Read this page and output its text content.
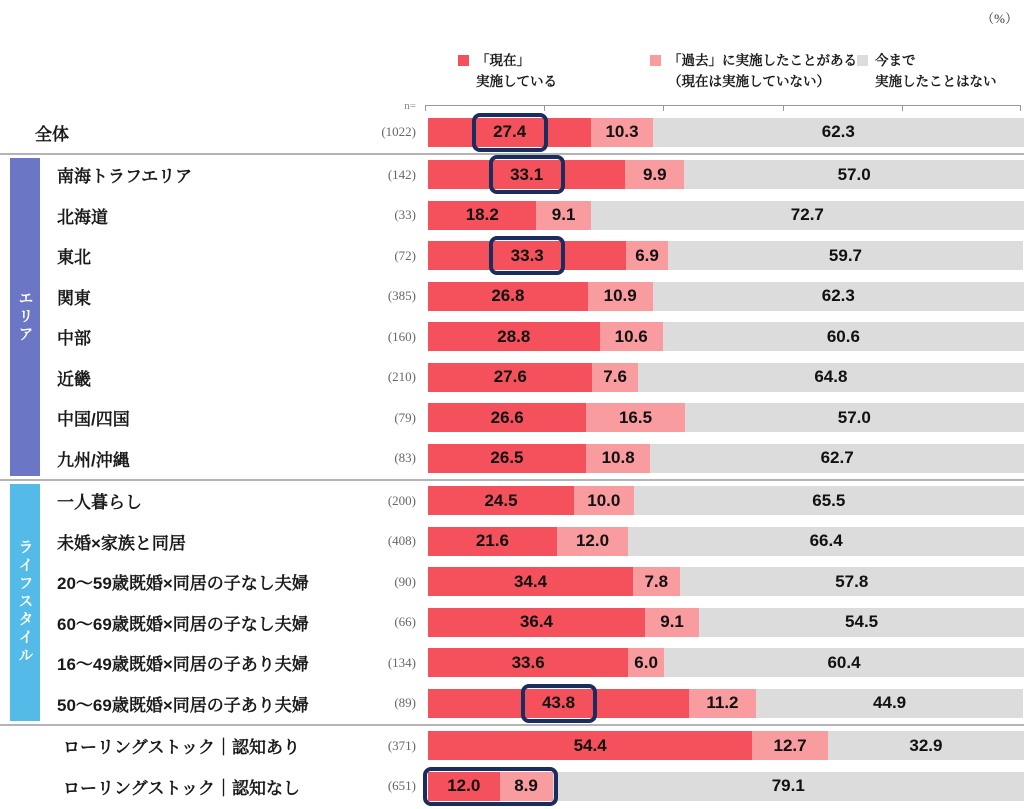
（%）
「現在」
実施している
「過去」に実施したことがある
（現在は実施していない）
今まで
実施したことはない
n=
全体	(1022)	27.4	10.3	62.3
エリア
南海トラフエリア	(142)	33.1	9.9	57.0
北海道	(33)	18.2	9.1	72.7
東北	(72)	33.3	6.9	59.7
関東	(385)	26.8	10.9	62.3
中部	(160)	28.8	10.6	60.6
近畿	(210)	27.6	7.6	64.8
中国/四国	(79)	26.6	16.5	57.0
九州/沖縄	(83)	26.5	10.8	62.7
ライフスタイル
一人暮らし	(200)	24.5	10.0	65.5
未婚×家族と同居	(408)	21.6	12.0	66.4
20〜59歳既婚×同居の子なし夫婦	(90)	34.4	7.8	57.8
60〜69歳既婚×同居の子なし夫婦	(66)	36.4	9.1	54.5
16〜49歳既婚×同居の子あり夫婦	(134)	33.6	6.0	60.4
50〜69歳既婚×同居の子あり夫婦	(89)	43.8	11.2	44.9
ローリングストック｜認知あり	(371)	54.4	12.7	32.9
ローリングストック｜認知なし	(651)	12.0 8.9	79.1
